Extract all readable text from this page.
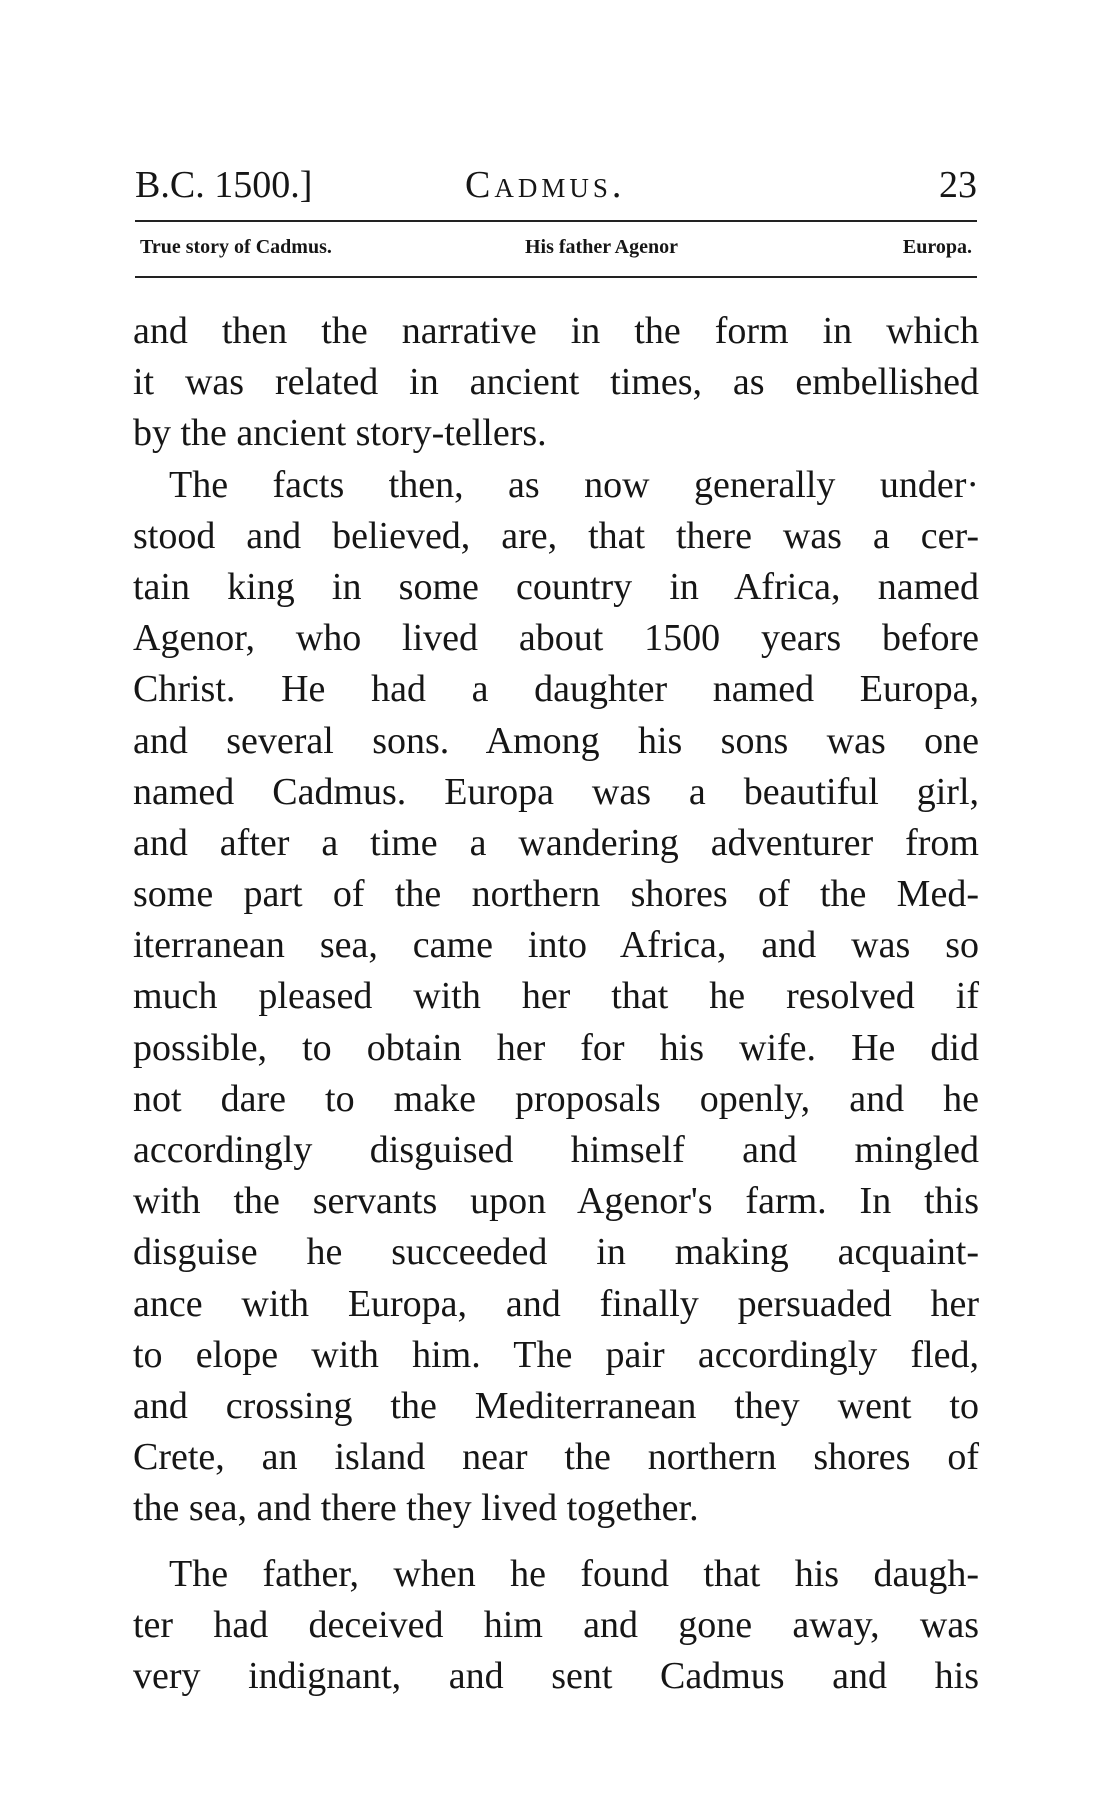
B.C. 1500.]	Cadmus.	23
True story of Cadmus.	His father Agenor	Europa.
and then the narrative in the form in which
it was related in ancient times, as embellished
by the ancient story-tellers.
The facts then, as now generally under·
stood and believed, are, that there was a cer-
tain king in some country in Africa, named
Agenor, who lived about 1500 years before
Christ. He had a daughter named Europa,
and several sons. Among his sons was one
named Cadmus. Europa was a beautiful girl,
and after a time a wandering adventurer from
some part of the northern shores of the Med-
iterranean sea, came into Africa, and was so
much pleased with her that he resolved if
possible, to obtain her for his wife. He did
not dare to make proposals openly, and he
accordingly disguised himself and mingled
with the servants upon Agenor's farm. In this
disguise he succeeded in making acquaint-
ance with Europa, and finally persuaded her
to elope with him. The pair accordingly fled,
and crossing the Mediterranean they went to
Crete, an island near the northern shores of
the sea, and there they lived together.
The father, when he found that his daugh-
ter had deceived him and gone away, was
very indignant, and sent Cadmus and his
